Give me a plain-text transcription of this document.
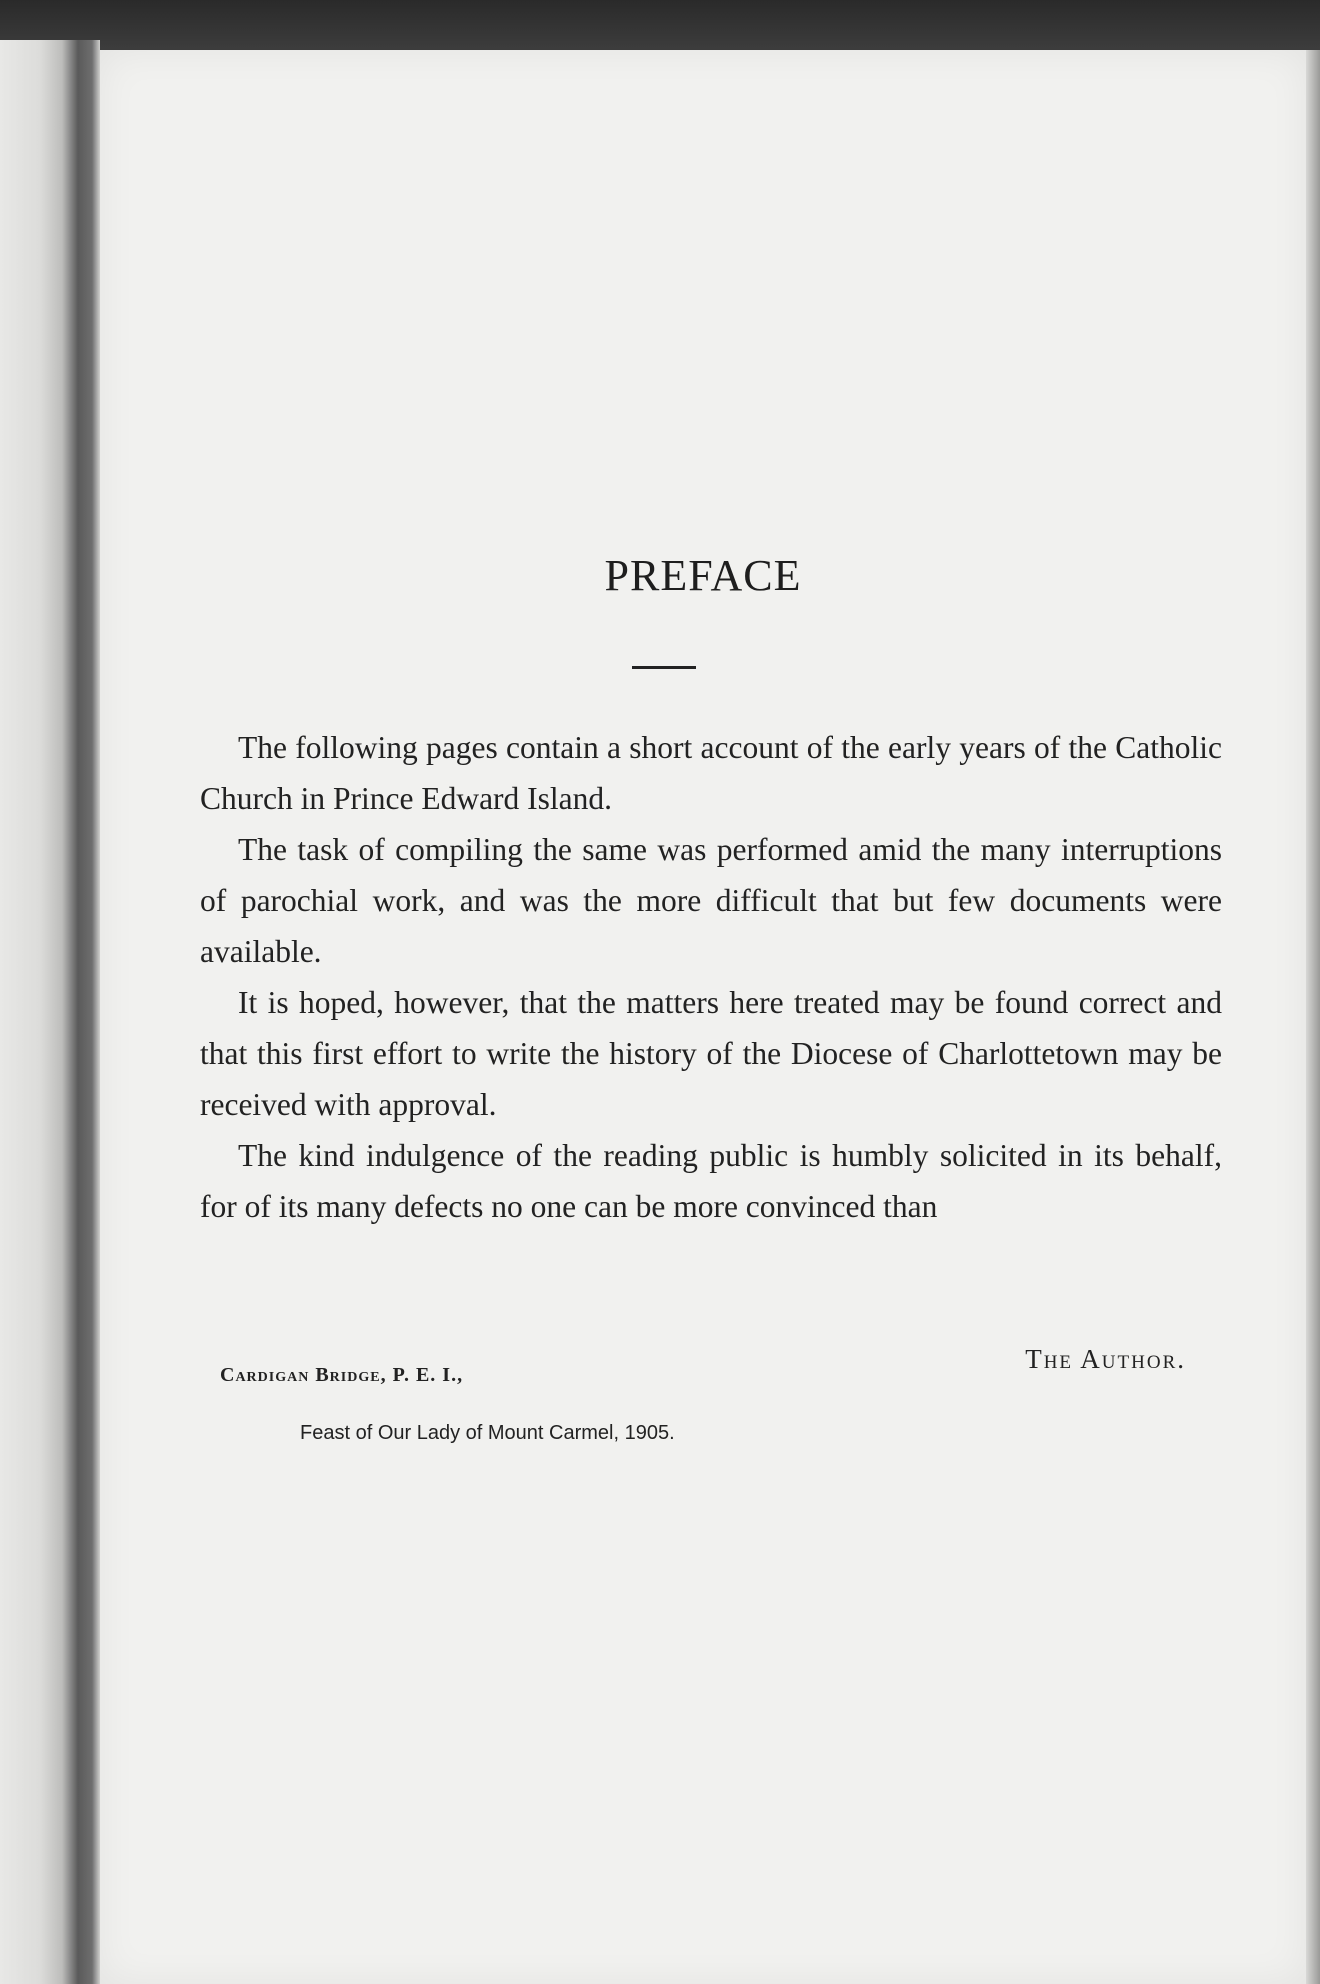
PREFACE

The following pages contain a short account of the early years of the Catholic Church in Prince Edward Island.

The task of compiling the same was performed amid the many interruptions of parochial work, and was the more difficult that but few documents were available.

It is hoped, however, that the matters here treated may be found correct and that this first effort to write the history of the Diocese of Charlottetown may be received with approval.

The kind indulgence of the reading public is humbly solicited in its behalf, for of its many defects no one can be more convinced than

The Author.
Cardigan Bridge, P. E. I.,
Feast of Our Lady of Mount Carmel, 1905.
